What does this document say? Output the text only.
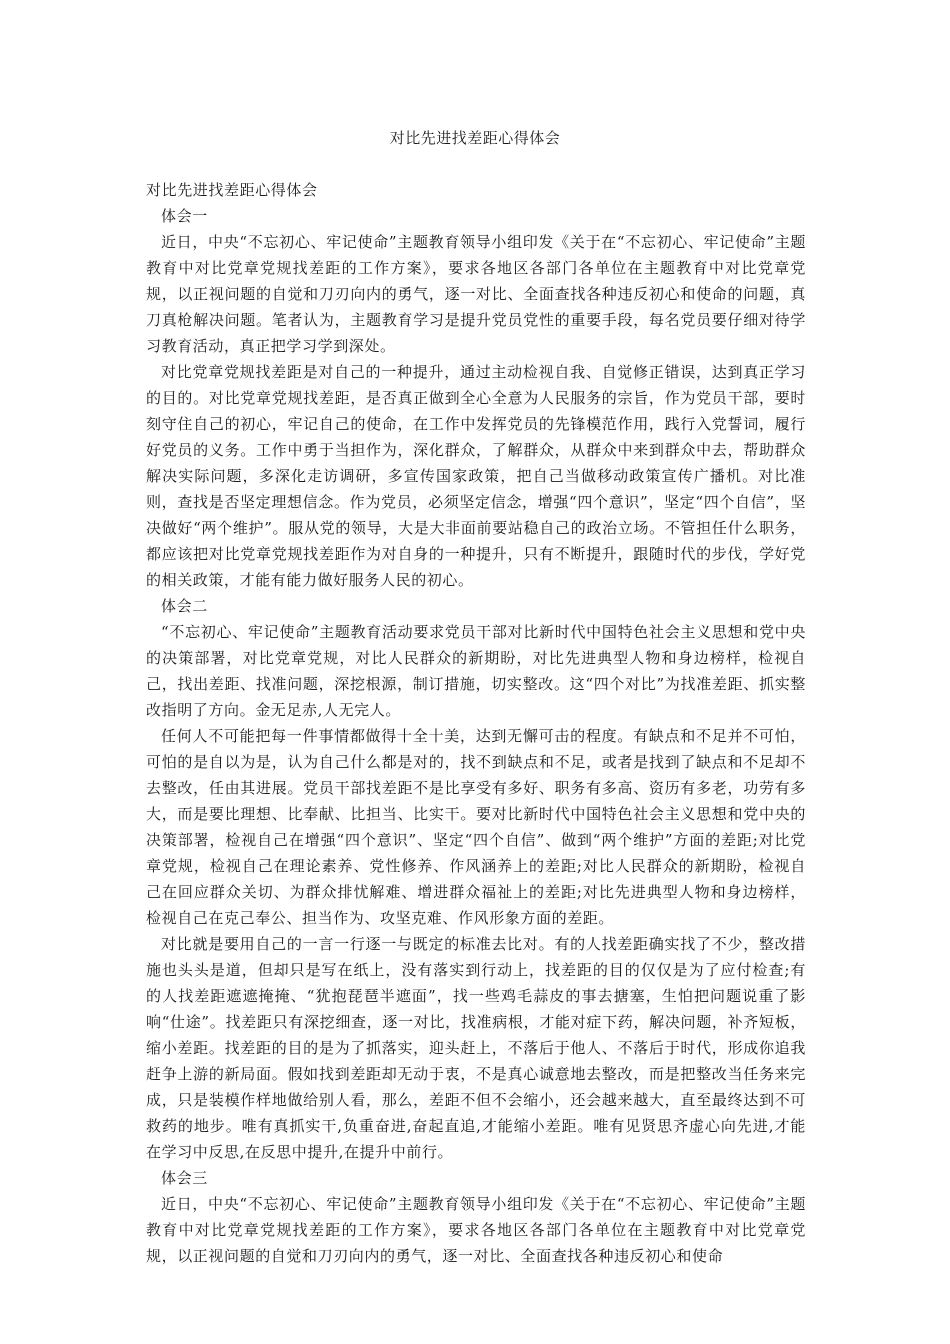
对比先进找差距心得体会

对比先进找差距心得体会

体会一

近日，中央“不忘初心、牢记使命”主题教育领导小组印发《关于在“不忘初心、牢记使命”主题教育中对比党章党规找差距的工作方案》，要求各地区各部门各单位在主题教育中对比党章党规，以正视问题的自觉和刀刃向内的勇气，逐一对比、全面查找各种违反初心和使命的问题，真刀真枪解决问题。笔者认为，主题教育学习是提升党员党性的重要手段，每名党员要仔细对待学习教育活动，真正把学习学到深处。

对比党章党规找差距是对自己的一种提升，通过主动检视自我、自觉修正错误，达到真正学习的目的。对比党章党规找差距，是否真正做到全心全意为人民服务的宗旨，作为党员干部，要时刻守住自己的初心，牢记自己的使命，在工作中发挥党员的先锋模范作用，践行入党誓词，履行好党员的义务。工作中勇于当担作为，深化群众，了解群众，从群众中来到群众中去，帮助群众解决实际问题，多深化走访调研，多宣传国家政策，把自己当做移动政策宣传广播机。对比准则，查找是否坚定理想信念。作为党员，必须坚定信念，增强“四个意识”，坚定“四个自信”，坚决做好“两个维护”。服从党的领导，大是大非面前要站稳自己的政治立场。不管担任什么职务，都应该把对比党章党规找差距作为对自身的一种提升，只有不断提升，跟随时代的步伐，学好党的相关政策，才能有能力做好服务人民的初心。

体会二

“不忘初心、牢记使命”主题教育活动要求党员干部对比新时代中国特色社会主义思想和党中央的决策部署，对比党章党规，对比人民群众的新期盼，对比先进典型人物和身边榜样，检视自己，找出差距、找准问题，深挖根源，制订措施，切实整改。这“四个对比”为找准差距、抓实整改指明了方向。金无足赤,人无完人。

任何人不可能把每一件事情都做得十全十美，达到无懈可击的程度。有缺点和不足并不可怕，可怕的是自以为是，认为自己什么都是对的，找不到缺点和不足，或者是找到了缺点和不足却不去整改，任由其进展。党员干部找差距不是比享受有多好、职务有多高、资历有多老，功劳有多大，而是要比理想、比奉献、比担当、比实干。要对比新时代中国特色社会主义思想和党中央的决策部署，检视自己在增强“四个意识”、坚定“四个自信”、做到“两个维护”方面的差距;对比党章党规，检视自己在理论素养、党性修养、作风涵养上的差距;对比人民群众的新期盼，检视自己在回应群众关切、为群众排忧解难、增进群众福祉上的差距;对比先进典型人物和身边榜样，检视自己在克己奉公、担当作为、攻坚克难、作风形象方面的差距。

对比就是要用自己的一言一行逐一与既定的标准去比对。有的人找差距确实找了不少，整改措施也头头是道，但却只是写在纸上，没有落实到行动上，找差距的目的仅仅是为了应付检查;有的人找差距遮遮掩掩、“犹抱琵琶半遮面”，找一些鸡毛蒜皮的事去搪塞，生怕把问题说重了影响“仕途”。找差距只有深挖细查，逐一对比，找准病根，才能对症下药，解决问题，补齐短板，缩小差距。找差距的目的是为了抓落实，迎头赶上，不落后于他人、不落后于时代，形成你追我赶争上游的新局面。假如找到差距却无动于衷，不是真心诚意地去整改，而是把整改当任务来完成，只是装模作样地做给别人看，那么，差距不但不会缩小，还会越来越大，直至最终达到不可救药的地步。唯有真抓实干,负重奋进,奋起直追,才能缩小差距。唯有见贤思齐虚心向先进,才能在学习中反思,在反思中提升,在提升中前行。

体会三

近日，中央“不忘初心、牢记使命”主题教育领导小组印发《关于在“不忘初心、牢记使命”主题教育中对比党章党规找差距的工作方案》，要求各地区各部门各单位在主题教育中对比党章党规，以正视问题的自觉和刀刃向内的勇气，逐一对比、全面查找各种违反初心和使命
